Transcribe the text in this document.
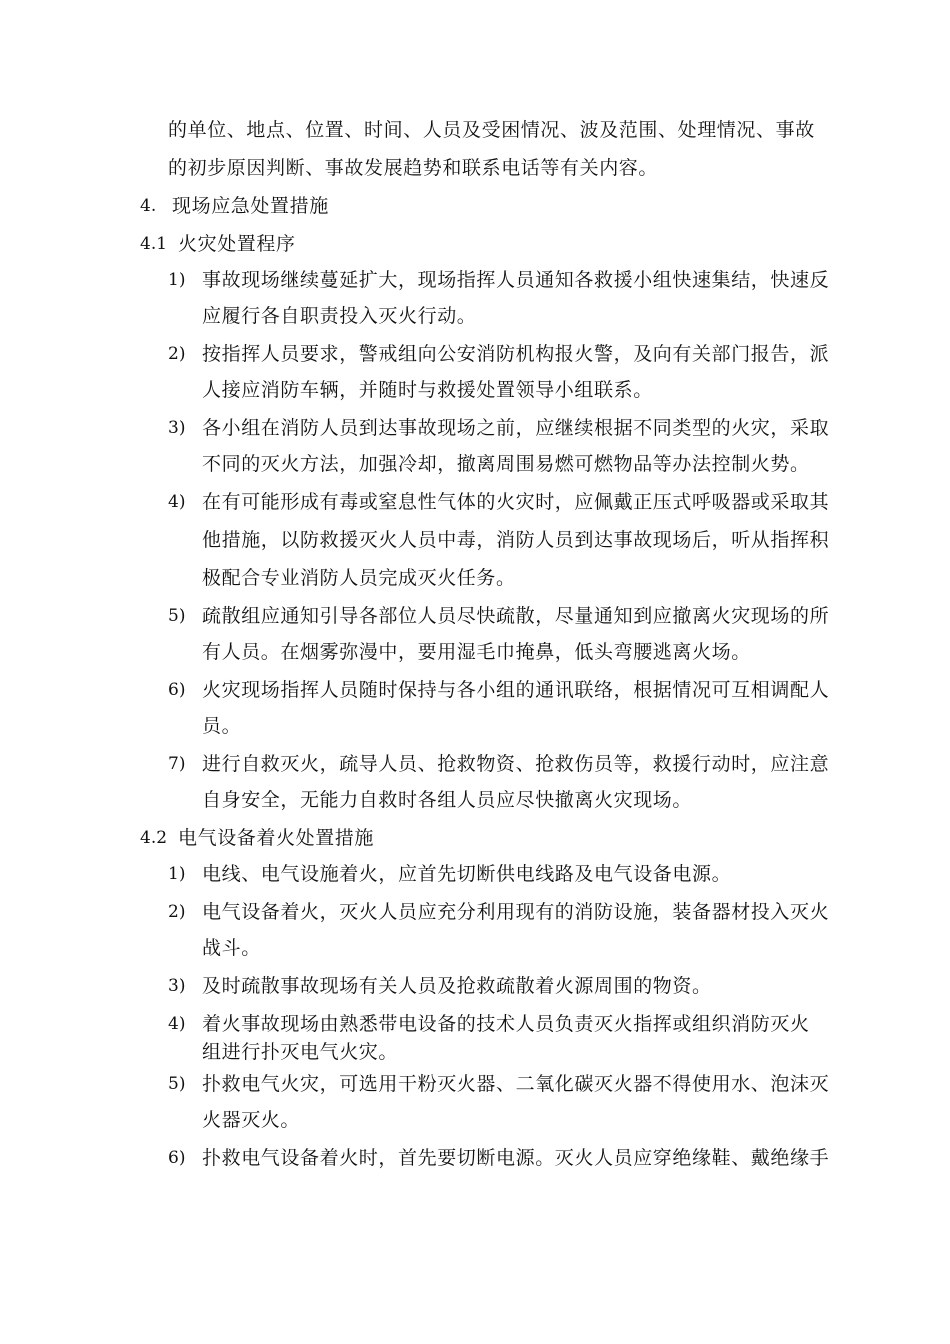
的单位、地点、位置、时间、人员及受困情况、波及范围、处理情况、事故
的初步原因判断、事故发展趋势和联系电话等有关内容。
4. 现场应急处置措施
4.1 火灾处置程序
1) 事故现场继续蔓延扩大，现场指挥人员通知各救援小组快速集结，快速反
应履行各自职责投入灭火行动。
2) 按指挥人员要求，警戒组向公安消防机构报火警，及向有关部门报告，派
人接应消防车辆，并随时与救援处置领导小组联系。
3) 各小组在消防人员到达事故现场之前，应继续根据不同类型的火灾，采取
不同的灭火方法，加强冷却，撤离周围易燃可燃物品等办法控制火势。
4) 在有可能形成有毒或窒息性气体的火灾时，应佩戴正压式呼吸器或采取其
他措施，以防救援灭火人员中毒，消防人员到达事故现场后，听从指挥积
极配合专业消防人员完成灭火任务。
5) 疏散组应通知引导各部位人员尽快疏散，尽量通知到应撤离火灾现场的所
有人员。在烟雾弥漫中，要用湿毛巾掩鼻，低头弯腰逃离火场。
6) 火灾现场指挥人员随时保持与各小组的通讯联络，根据情况可互相调配人
员。
7) 进行自救灭火，疏导人员、抢救物资、抢救伤员等，救援行动时，应注意
自身安全，无能力自救时各组人员应尽快撤离火灾现场。
4.2 电气设备着火处置措施
1) 电线、电气设施着火，应首先切断供电线路及电气设备电源。
2) 电气设备着火，灭火人员应充分利用现有的消防设施，装备器材投入灭火
战斗。
3) 及时疏散事故现场有关人员及抢救疏散着火源周围的物资。
4) 着火事故现场由熟悉带电设备的技术人员负责灭火指挥或组织消防灭火
组进行扑灭电气火灾。
5) 扑救电气火灾，可选用干粉灭火器、二氧化碳灭火器不得使用水、泡沫灭
火器灭火。
6) 扑救电气设备着火时，首先要切断电源。灭火人员应穿绝缘鞋、戴绝缘手
